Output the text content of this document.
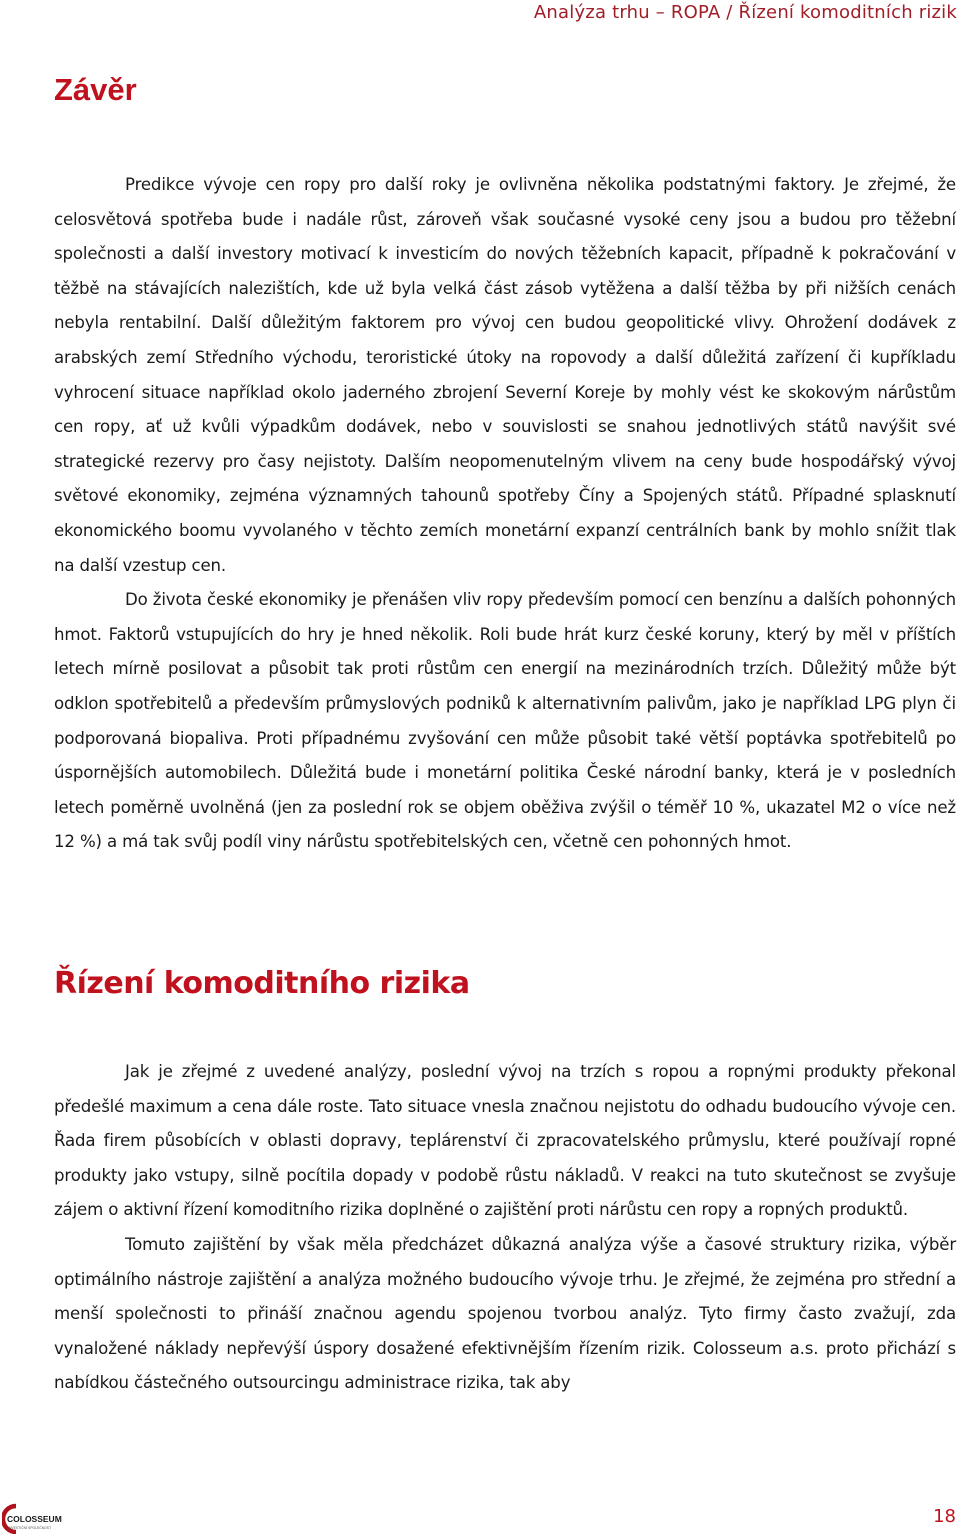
Analýza trhu – ROPA / Řízení komoditních rizik
Závěr

Predikce vývoje cen ropy pro další roky je ovlivněna několika podstatnými faktory. Je zřejmé, že celosvětová spotřeba bude i nadále růst, zároveň však současné vysoké ceny jsou a budou pro těžební společnosti a další investory motivací k investicím do nových těžebních kapacit, případně k pokračování v těžbě na stávajících nalezištích, kde už byla velká část zásob vytěžena a další těžba by při nižších cenách nebyla rentabilní. Další důležitým faktorem pro vývoj cen budou geopolitické vlivy. Ohrožení dodávek z arabských zemí Středního východu, teroristické útoky na ropovody a další důležitá zařízení či kupříkladu vyhrocení situace například okolo jaderného zbrojení Severní Koreje by mohly vést ke skokovým nárůstům cen ropy, ať už kvůli výpadkům dodávek, nebo v souvislosti se snahou jednotlivých států navýšit své strategické rezervy pro časy nejistoty. Dalším neopomenutelným vlivem na ceny bude hospodářský vývoj světové ekonomiky, zejména významných tahounů spotřeby Číny a Spojených států. Případné splasknutí ekonomického boomu vyvolaného v těchto zemích monetární expanzí centrálních bank by mohlo snížit tlak na další vzestup cen.

Do života české ekonomiky je přenášen vliv ropy především pomocí cen benzínu a dalších pohonných hmot. Faktorů vstupujících do hry je hned několik. Roli bude hrát kurz české koruny, který by měl v příštích letech mírně posilovat a působit tak proti růstům cen energií na mezinárodních trzích. Důležitý může být odklon spotřebitelů a především průmyslových podniků k alternativním palivům, jako je například LPG plyn či podporovaná biopaliva. Proti případnému zvyšování cen může působit také větší poptávka spotřebitelů po úspornějších automobilech. Důležitá bude i monetární politika České národní banky, která je v posledních letech poměrně uvolněná (jen za poslední rok se objem oběživa zvýšil o téměř 10 %, ukazatel M2 o více než 12 %) a má tak svůj podíl viny nárůstu spotřebitelských cen, včetně cen pohonných hmot.

Řízení komoditního rizika

Jak je zřejmé z uvedené analýzy, poslední vývoj na trzích s ropou a ropnými produkty překonal předešlé maximum a cena dále roste. Tato situace vnesla značnou nejistotu do odhadu budoucího vývoje cen. Řada firem působících v oblasti dopravy, teplárenství či zpracovatelského průmyslu, které používají ropné produkty jako vstupy, silně pocítila dopady v podobě růstu nákladů. V reakci na tuto skutečnost se zvyšuje zájem o aktivní řízení komoditního rizika doplněné o zajištění proti nárůstu cen ropy a ropných produktů.

Tomuto zajištění by však měla předcházet důkazná analýza výše a časové struktury rizika, výběr optimálního nástroje zajištění a analýza možného budoucího vývoje trhu. Je zřejmé, že zejména pro střední a menší společnosti to přináší značnou agendu spojenou tvorbou analýz. Tyto firmy často zvažují, zda vynaložené náklady nepřevýší úspory dosažené efektivnějším řízením rizik. Colosseum a.s. proto přichází s nabídkou částečného outsourcingu administrace rizika, tak aby

COLOSSEUM
INVESTIČNÍ SPOLEČNOST
18
